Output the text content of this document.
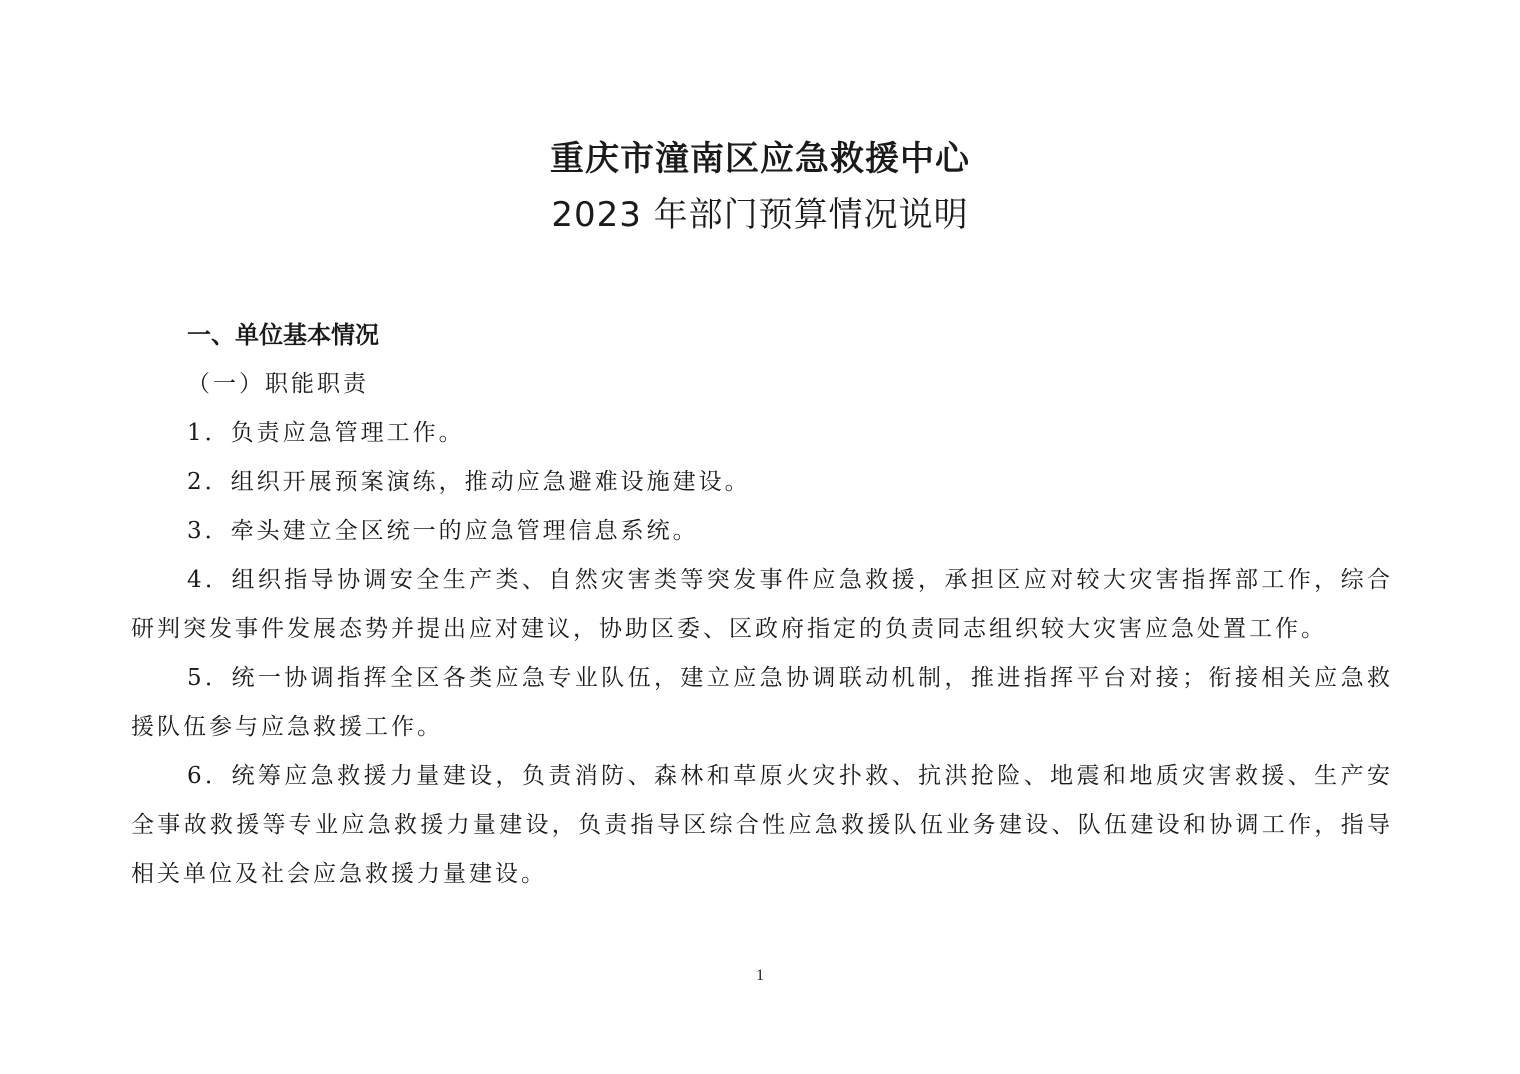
重庆市潼南区应急救援中心
2023 年部门预算情况说明

一、单位基本情况

（一）职能职责

1．负责应急管理工作。

2．组织开展预案演练，推动应急避难设施建设。

3．牵头建立全区统一的应急管理信息系统。

4．组织指导协调安全生产类、自然灾害类等突发事件应急救援，承担区应对较大灾害指挥部工作，综合研判突发事件发展态势并提出应对建议，协助区委、区政府指定的负责同志组织较大灾害应急处置工作。

5．统一协调指挥全区各类应急专业队伍，建立应急协调联动机制，推进指挥平台对接；衔接相关应急救援队伍参与应急救援工作。

6．统筹应急救援力量建设，负责消防、森林和草原火灾扑救、抗洪抢险、地震和地质灾害救援、生产安全事故救援等专业应急救援力量建设，负责指导区综合性应急救援队伍业务建设、队伍建设和协调工作，指导相关单位及社会应急救援力量建设。

1
